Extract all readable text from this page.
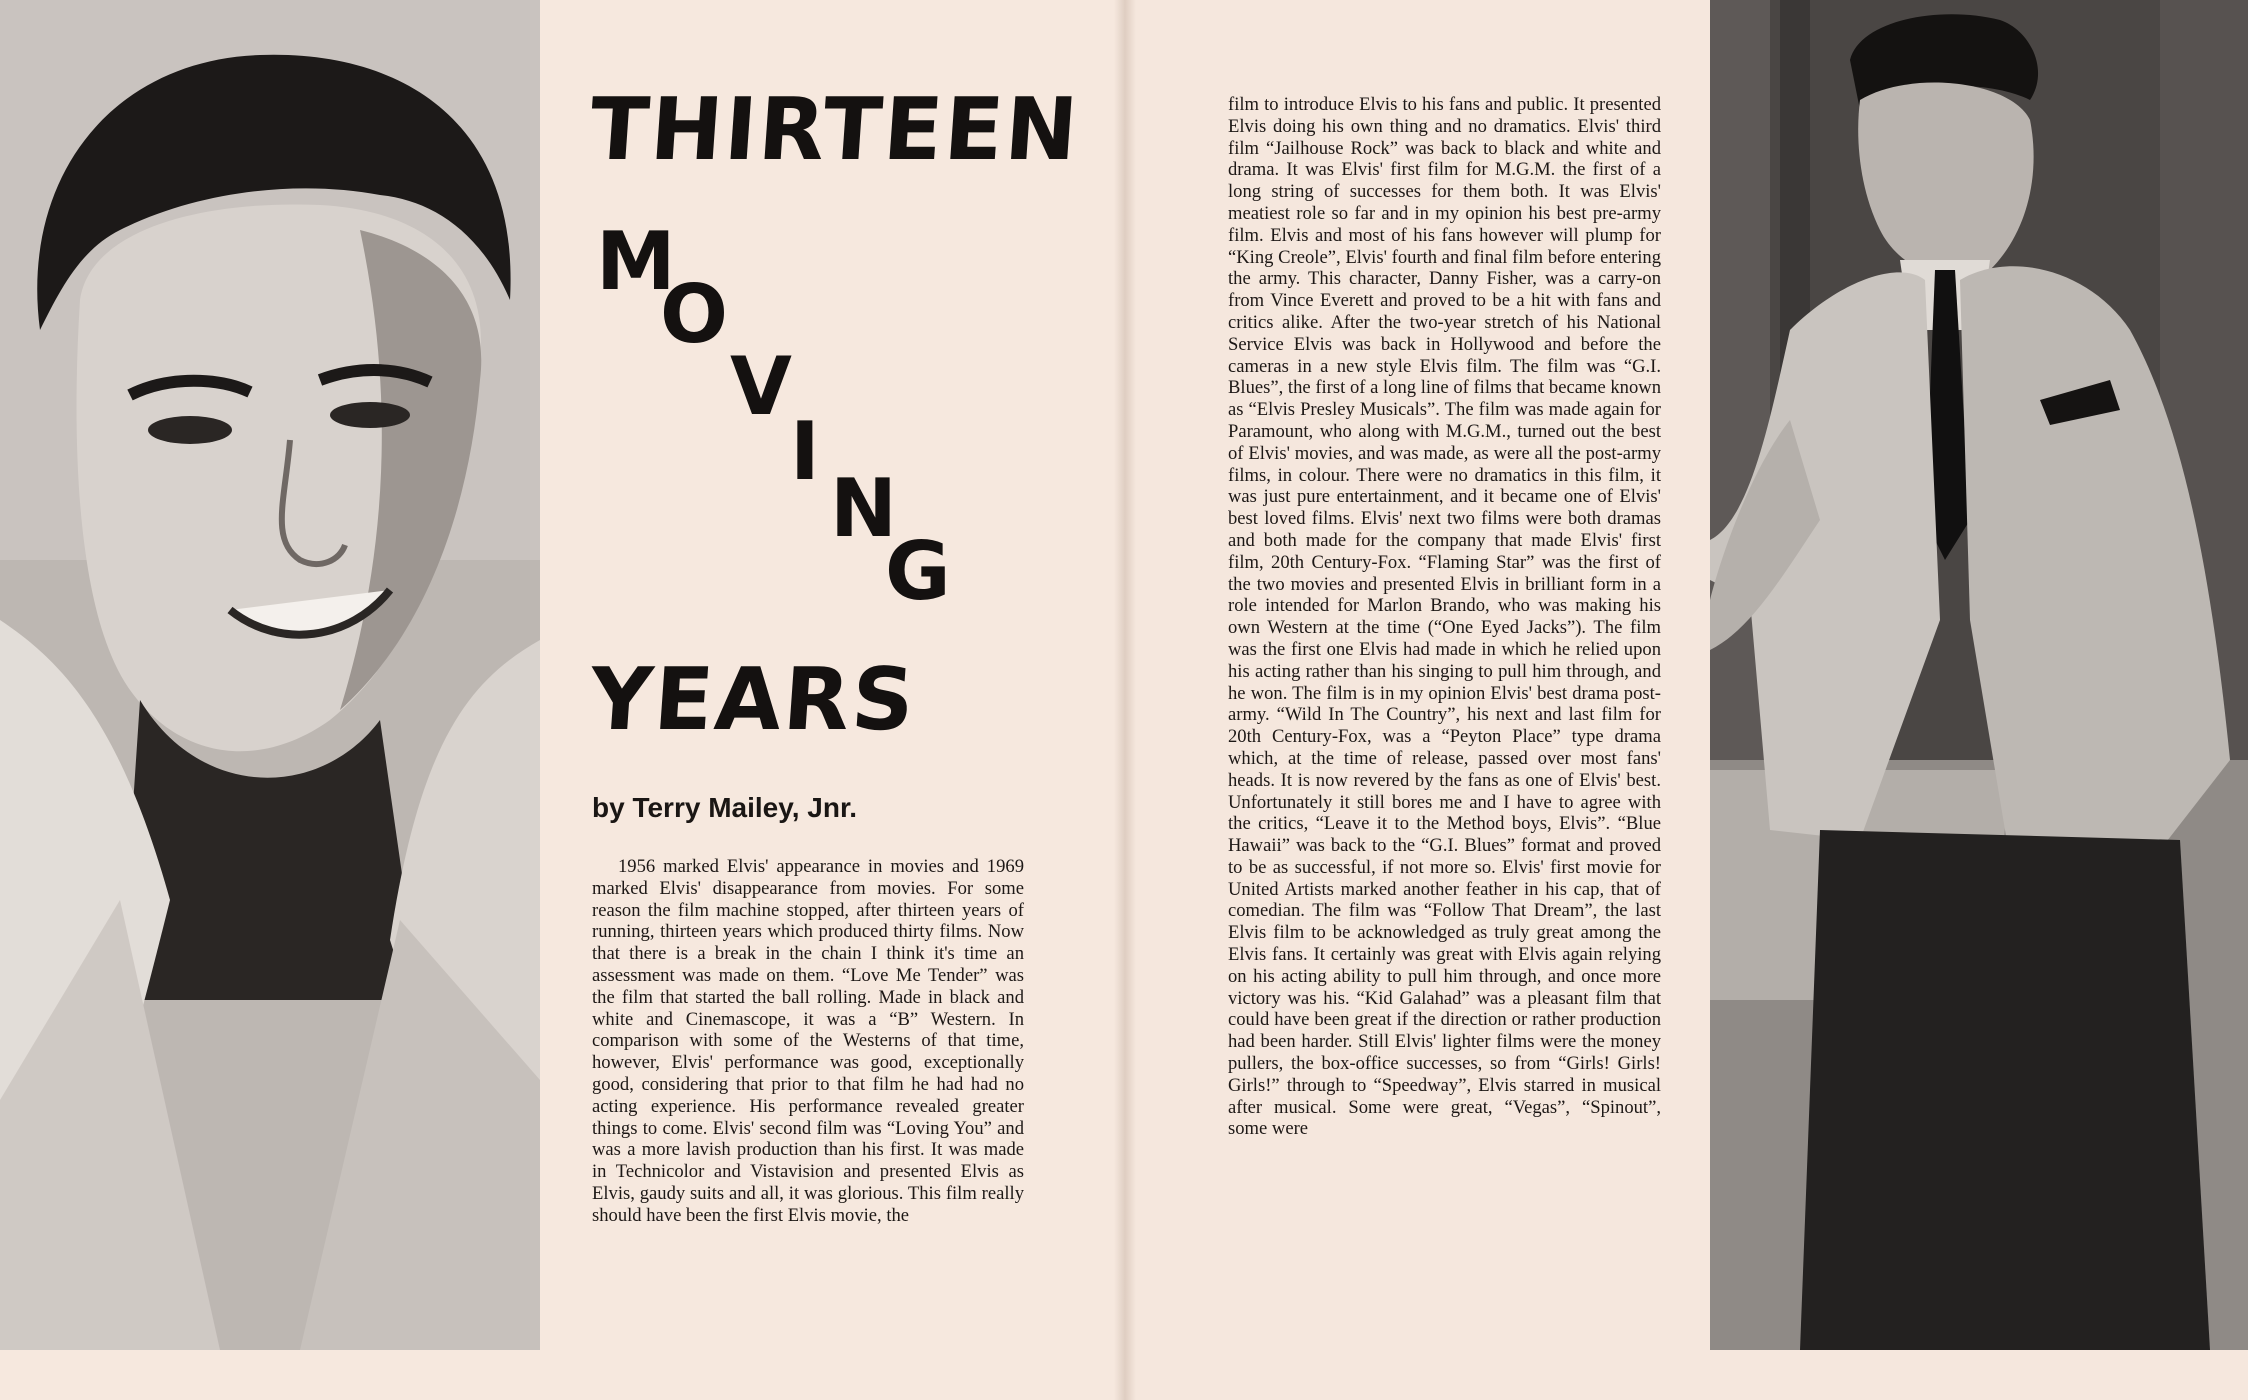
THIRTEEN
M
O
V
I
N
G
YEARS
by Terry Mailey, Jnr.

1956 marked Elvis' appearance in movies and 1969 marked Elvis' disappearance from movies. For some reason the film machine stopped, after thirteen years of running, thirteen years which produced thirty films. Now that there is a break in the chain I think it's time an assessment was made on them. “Love Me Tender” was the film that started the ball rolling. Made in black and white and Cinemascope, it was a “B” Western. In comparison with some of the Westerns of that time, however, Elvis' performance was good, exceptionally good, considering that prior to that film he had had no acting experience. His performance revealed greater things to come. Elvis' second film was “Loving You” and was a more lavish production than his first. It was made in Technicolor and Vistavision and presented Elvis as Elvis, gaudy suits and all, it was glorious. This film really should have been the first Elvis movie, the

film to introduce Elvis to his fans and public. It presented Elvis doing his own thing and no dramatics. Elvis' third film “Jailhouse Rock” was back to black and white and drama. It was Elvis' first film for M.G.M. the first of a long string of successes for them both. It was Elvis' meatiest role so far and in my opinion his best pre-army film. Elvis and most of his fans however will plump for “King Creole”, Elvis' fourth and final film before entering the army. This character, Danny Fisher, was a carry-on from Vince Everett and proved to be a hit with fans and critics alike. After the two-year stretch of his National Service Elvis was back in Hollywood and before the cameras in a new style Elvis film. The film was “G.I. Blues”, the first of a long line of films that became known as “Elvis Presley Musicals”. The film was made again for Paramount, who along with M.G.M., turned out the best of Elvis' movies, and was made, as were all the post-army films, in colour. There were no dramatics in this film, it was just pure entertainment, and it became one of Elvis' best loved films. Elvis' next two films were both dramas and both made for the company that made Elvis' first film, 20th Century-Fox. “Flaming Star” was the first of the two movies and presented Elvis in brilliant form in a role intended for Marlon Brando, who was making his own Western at the time (“One Eyed Jacks”). The film was the first one Elvis had made in which he relied upon his acting rather than his singing to pull him through, and he won. The film is in my opinion Elvis' best drama post-army. “Wild In The Country”, his next and last film for 20th Century-Fox, was a “Peyton Place” type drama which, at the time of release, passed over most fans' heads. It is now revered by the fans as one of Elvis' best. Unfortunately it still bores me and I have to agree with the critics, “Leave it to the Method boys, Elvis”. “Blue Hawaii” was back to the “G.I. Blues” format and proved to be as successful, if not more so. Elvis' first movie for United Artists marked another feather in his cap, that of comedian. The film was “Follow That Dream”, the last Elvis film to be acknowledged as truly great among the Elvis fans. It certainly was great with Elvis again relying on his acting ability to pull him through, and once more victory was his. “Kid Galahad” was a pleasant film that could have been great if the direction or rather production had been harder. Still Elvis' lighter films were the money pullers, the box-office successes, so from “Girls! Girls! Girls!” through to “Speedway”, Elvis starred in musical after musical. Some were great, “Vegas”, “Spinout”, some were
